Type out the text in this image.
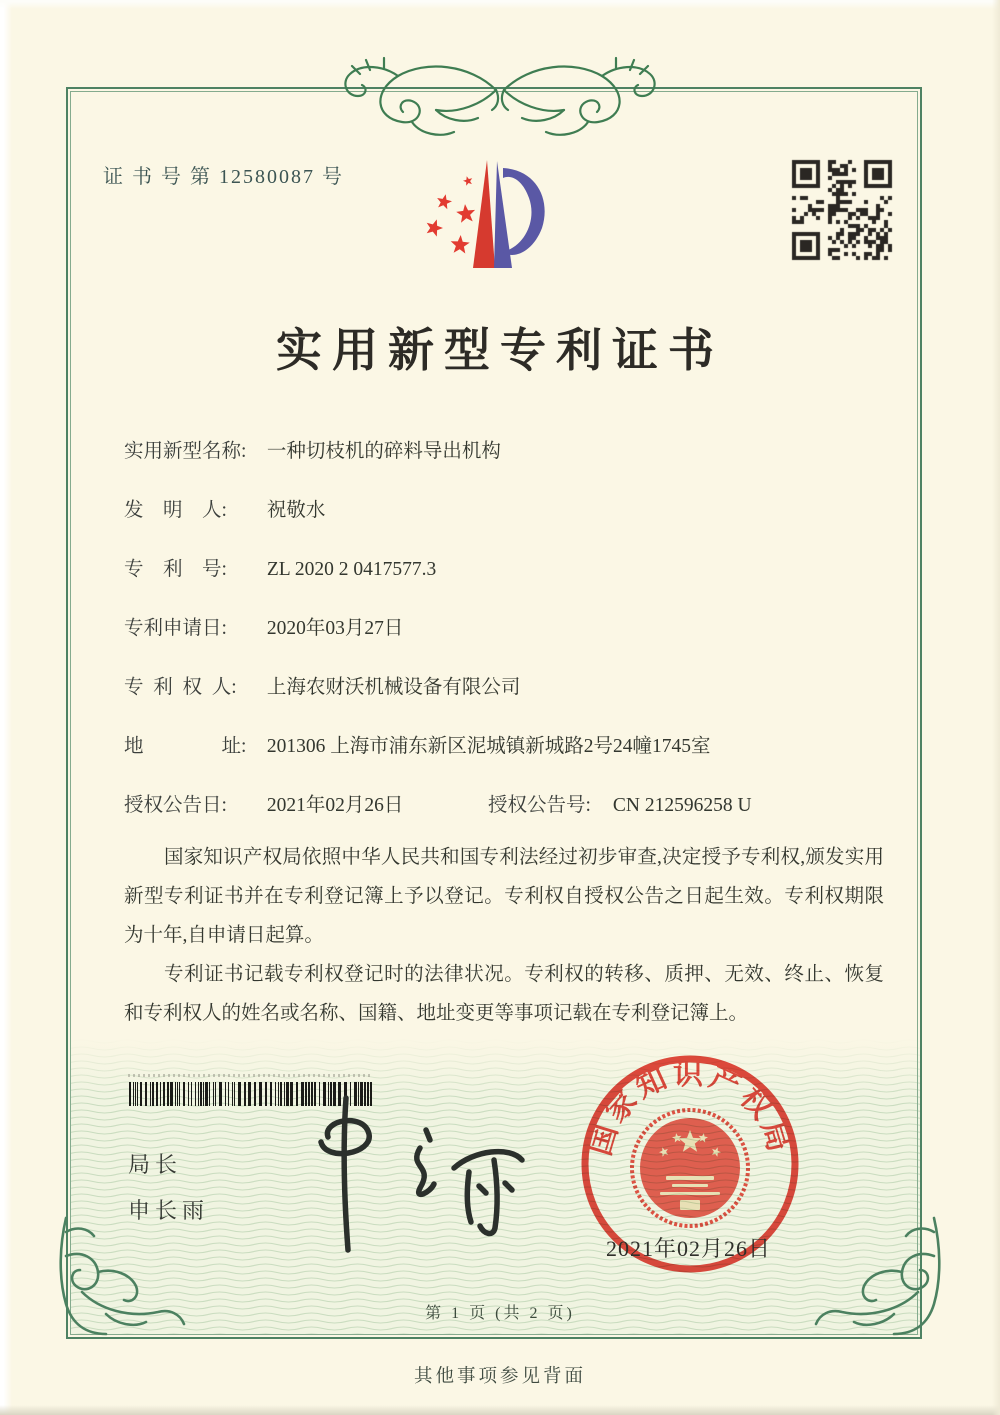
证 书 号 第 12580087 号
实用新型专利证书
实用新型名称: 一种切枝机的碎料导出机构
发　明　人: 祝敬水
专　利　号: ZL 2020 2 0417577.3
专利申请日: 2020年03月27日
专 利 权 人: 上海农财沃机械设备有限公司
地　　　　址: 201306 上海市浦东新区泥城镇新城路2号24幢1745室
授权公告日: 2021年02月26日	授权公告号: CN 212596258 U

国家知识产权局依照中华人民共和国专利法经过初步审查,决定授予专利权,颁发实用新型专利证书并在专利登记簿上予以登记。专利权自授权公告之日起生效。专利权期限为十年,自申请日起算。

专利证书记载专利权登记时的法律状况。专利权的转移、质押、无效、终止、恢复和专利权人的姓名或名称、国籍、地址变更等事项记载在专利登记簿上。

局长
申长雨
国家知识产权局
2021年02月26日
第 1 页 (共 2 页)
其他事项参见背面
